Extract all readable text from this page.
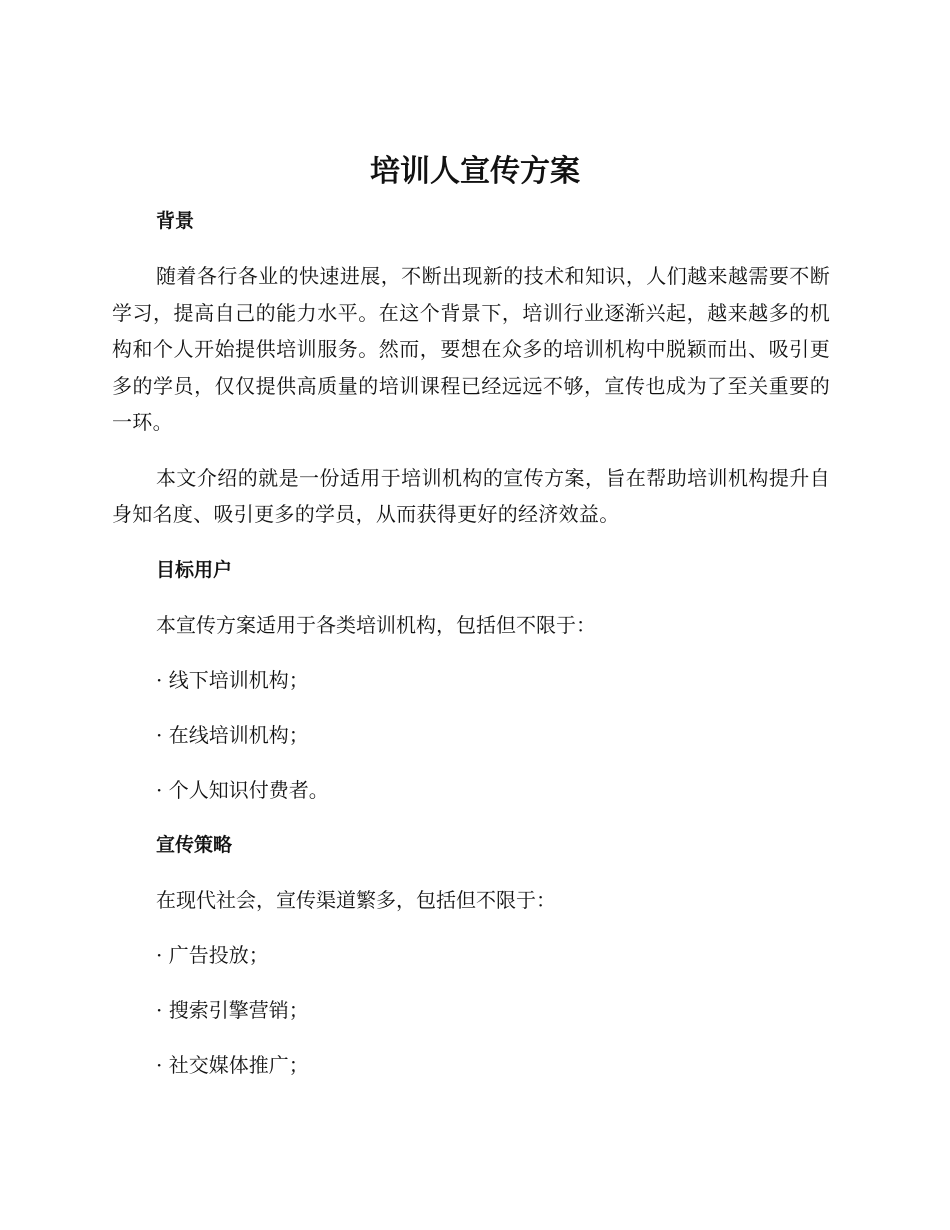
培训人宣传方案
背景

随着各行各业的快速进展，不断出现新的技术和知识，人们越来越需要不断学习，提高自己的能力水平。在这个背景下，培训行业逐渐兴起，越来越多的机构和个人开始提供培训服务。然而，要想在众多的培训机构中脱颖而出、吸引更多的学员，仅仅提供高质量的培训课程已经远远不够，宣传也成为了至关重要的一环。

本文介绍的就是一份适用于培训机构的宣传方案，旨在帮助培训机构提升自身知名度、吸引更多的学员，从而获得更好的经济效益。

目标用户
本宣传方案适用于各类培训机构，包括但不限于：
· 线下培训机构；
· 在线培训机构；
· 个人知识付费者。
宣传策略
在现代社会，宣传渠道繁多，包括但不限于：
· 广告投放；
· 搜索引擎营销；
· 社交媒体推广；
